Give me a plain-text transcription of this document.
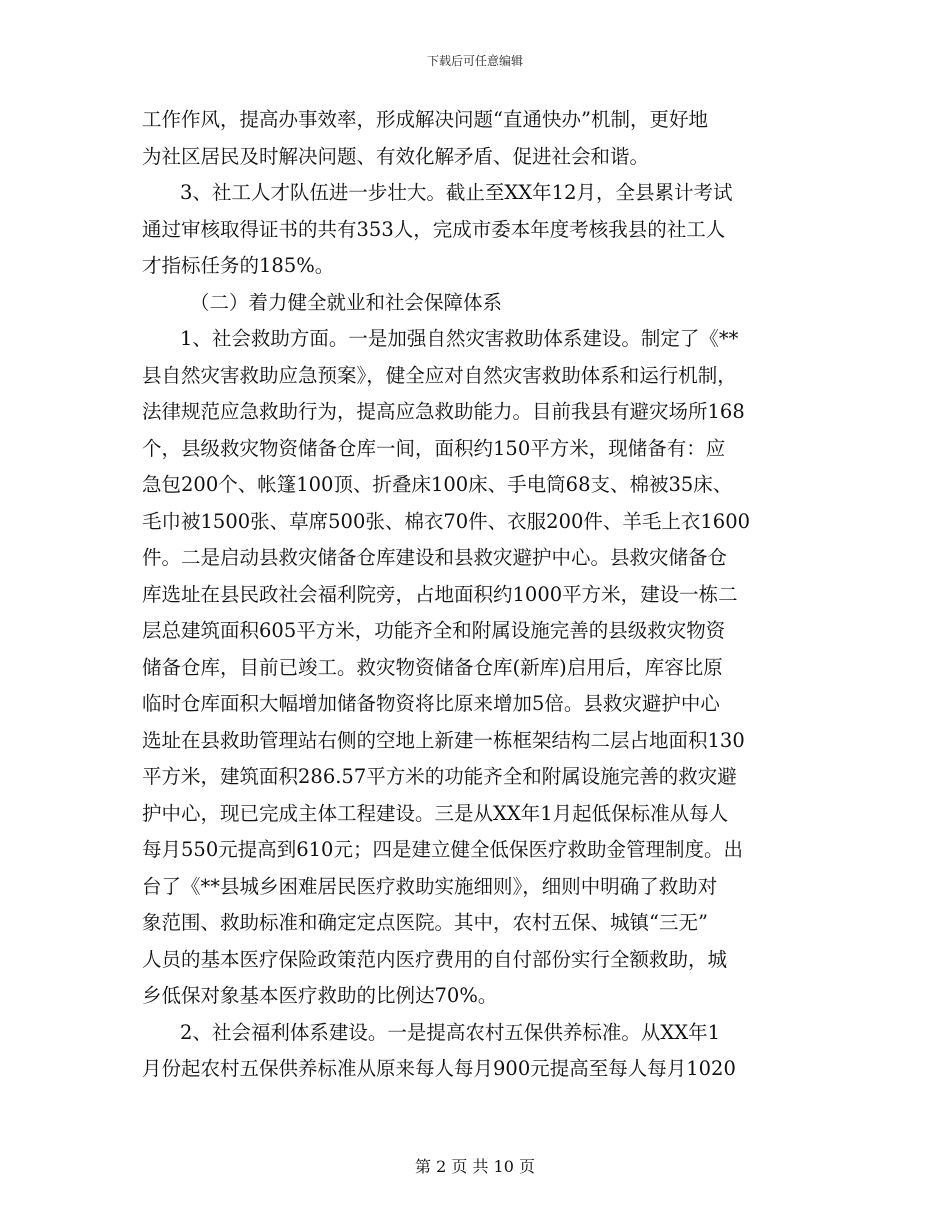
下载后可任意编辑
工作作风，提高办事效率，形成解决问题“直通快办”机制，更好地
为社区居民及时解决问题、有效化解矛盾、促进社会和谐。
3、社工人才队伍进一步壮大。截止至XX年12月，全县累计考试
通过审核取得证书的共有353人，完成市委本年度考核我县的社工人
才指标任务的185%。
（二）着力健全就业和社会保障体系
1、社会救助方面。一是加强自然灾害救助体系建设。制定了《**
县自然灾害救助应急预案》，健全应对自然灾害救助体系和运行机制，
法律规范应急救助行为，提高应急救助能力。目前我县有避灾场所168
个，县级救灾物资储备仓库一间，面积约150平方米，现储备有：应
急包200个、帐篷100顶、折叠床100床、手电筒68支、棉被35床、
毛巾被1500张、草席500张、棉衣70件、衣服200件、羊毛上衣1600
件。二是启动县救灾储备仓库建设和县救灾避护中心。县救灾储备仓
库选址在县民政社会福利院旁，占地面积约1000平方米，建设一栋二
层总建筑面积605平方米，功能齐全和附属设施完善的县级救灾物资
储备仓库，目前已竣工。救灾物资储备仓库(新库)启用后，库容比原
临时仓库面积大幅增加储备物资将比原来增加5倍。县救灾避护中心
选址在县救助管理站右侧的空地上新建一栋框架结构二层占地面积130
平方米，建筑面积286.57平方米的功能齐全和附属设施完善的救灾避
护中心，现已完成主体工程建设。三是从XX年1月起低保标准从每人
每月550元提高到610元；四是建立健全低保医疗救助金管理制度。出
台了《**县城乡困难居民医疗救助实施细则》，细则中明确了救助对
象范围、救助标准和确定定点医院。其中，农村五保、城镇“三无”
人员的基本医疗保险政策范内医疗费用的自付部份实行全额救助，城
乡低保对象基本医疗救助的比例达70%。
2、社会福利体系建设。一是提高农村五保供养标准。从XX年1
月份起农村五保供养标准从原来每人每月900元提高至每人每月1020
第 2 页 共 10 页
